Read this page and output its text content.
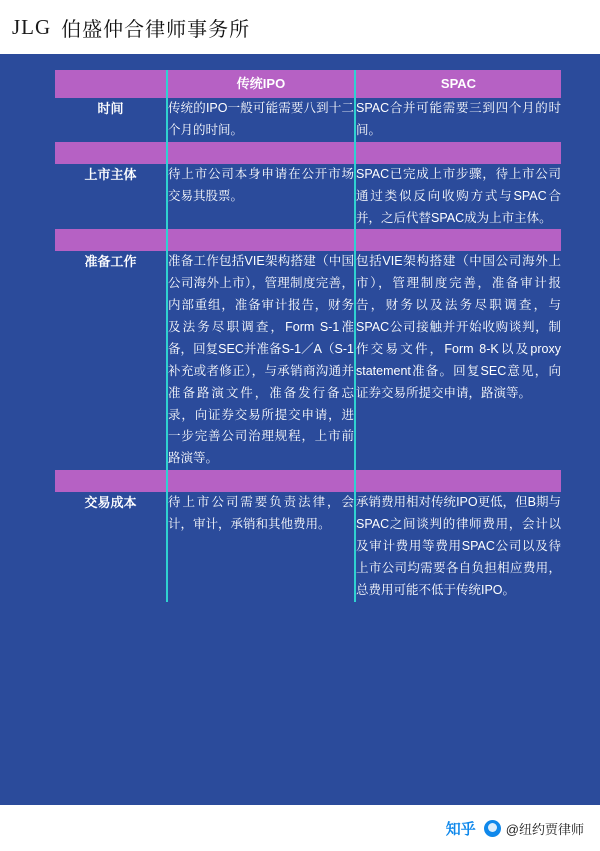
JLG 伯盛仲合律师事务所
	传统IPO	SPAC
时间	传统的IPO一般可能需要八到十二个月的时间。	SPAC合并可能需要三到四个月的时间。

上市主体	待上市公司本身申请在公开市场交易其股票。	SPAC已完成上市步骤，待上市公司通过类似反向收购方式与SPAC合并，之后代替SPAC成为上市主体。

准备工作	准备工作包括VIE架构搭建（中国公司海外上市），管理制度完善，内部重组，准备审计报告，财务及法务尽职调查，Form S-1准备，回复SEC并准备S-1／A（S-1补充或者修正），与承销商沟通并准备路演文件，准备发行备忘录，向证券交易所提交申请，进一步完善公司治理规程，上市前路演等。	包括VIE架构搭建（中国公司海外上市），管理制度完善，准备审计报告，财务以及法务尽职调查，与SPAC公司接触并开始收购谈判，制作交易文件，Form 8-K以及proxy statement准备。回复SEC意见，向证券交易所提交申请，路演等。

交易成本	待上市公司需要负责法律，会计，审计，承销和其他费用。	承销费用相对传统IPO更低，但В期与SPAC之间谈判的律师费用，会计以及审计费用等费用SPAC公司以及待上市公司均需要各自负担相应费用，总费用可能不低于传统IPO。
知乎 @纽约贾律师
